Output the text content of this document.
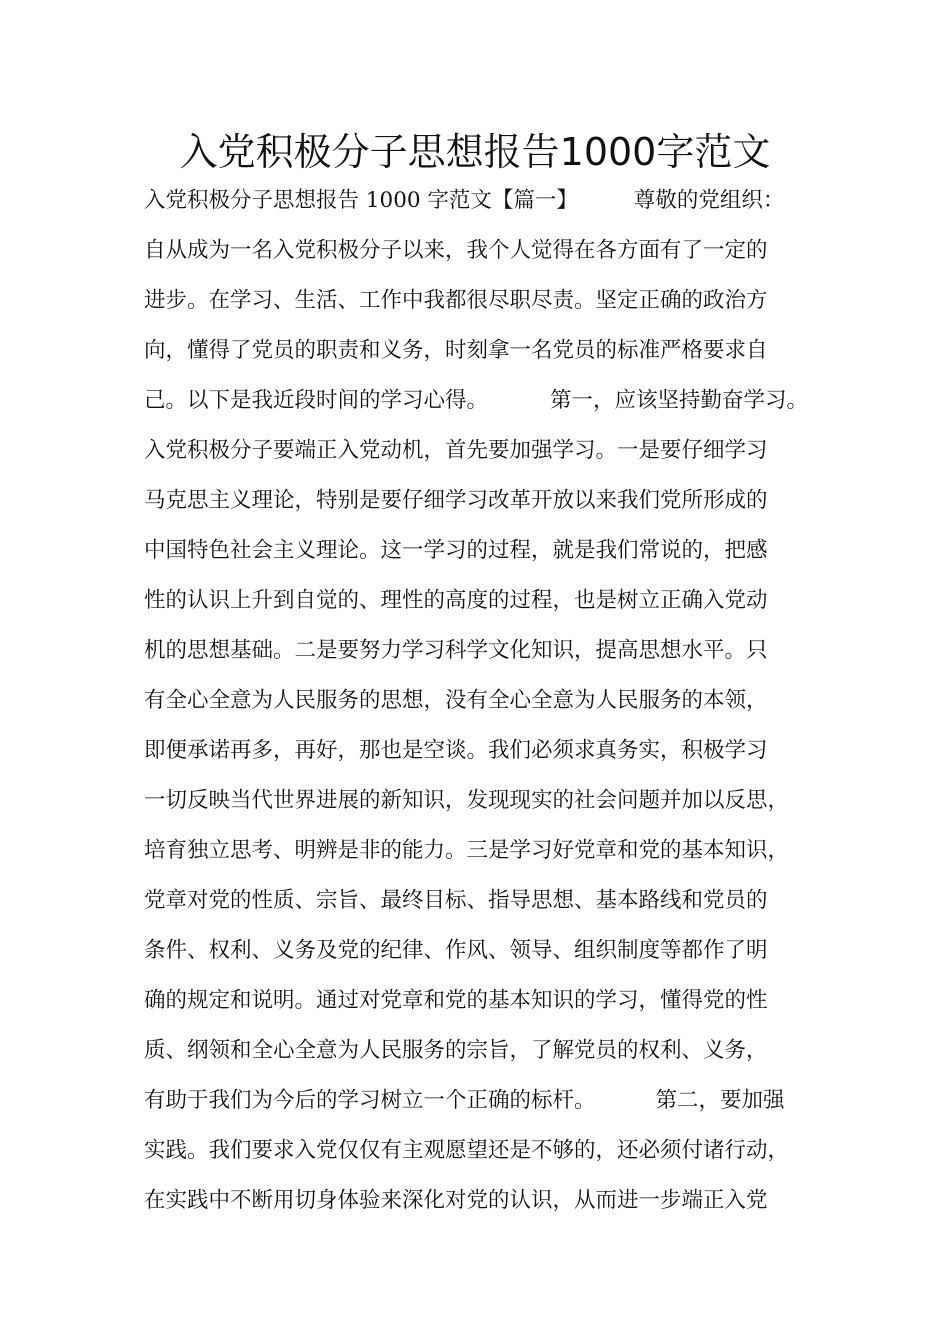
入党积极分子思想报告1000字范文
入党积极分子思想报告 1000 字范文【篇一】	尊敬的党组织：
自从成为一名入党积极分子以来，我个人觉得在各方面有了一定的
进步。在学习、生活、工作中我都很尽职尽责。坚定正确的政治方
向，懂得了党员的职责和义务，时刻拿一名党员的标准严格要求自
己。以下是我近段时间的学习心得。	第一，应该坚持勤奋学习。
入党积极分子要端正入党动机，首先要加强学习。一是要仔细学习
马克思主义理论，特别是要仔细学习改革开放以来我们党所形成的
中国特色社会主义理论。这一学习的过程，就是我们常说的，把感
性的认识上升到自觉的、理性的高度的过程，也是树立正确入党动
机的思想基础。二是要努力学习科学文化知识，提高思想水平。只
有全心全意为人民服务的思想，没有全心全意为人民服务的本领，
即便承诺再多，再好，那也是空谈。我们必须求真务实，积极学习
一切反映当代世界进展的新知识，发现现实的社会问题并加以反思，
培育独立思考、明辨是非的能力。三是学习好党章和党的基本知识，
党章对党的性质、宗旨、最终目标、指导思想、基本路线和党员的
条件、权利、义务及党的纪律、作风、领导、组织制度等都作了明
确的规定和说明。通过对党章和党的基本知识的学习，懂得党的性
质、纲领和全心全意为人民服务的宗旨，了解党员的权利、义务，
有助于我们为今后的学习树立一个正确的标杆。	第二，要加强
实践。我们要求入党仅仅有主观愿望还是不够的，还必须付诸行动，
在实践中不断用切身体验来深化对党的认识，从而进一步端正入党
